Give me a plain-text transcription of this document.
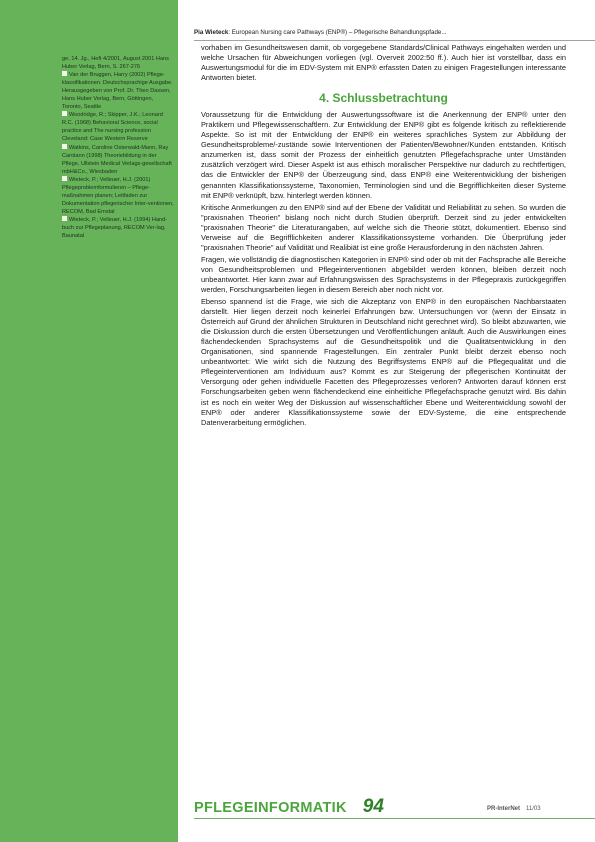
Pia Wieteck: European Nursing care Pathways (ENP®) – Pflegerische Behandlungspfade...
ge, 14. Jg., Heft 4/2001, August 2001 Hans Huber Verlag, Bern, S. 267-276
Van der Bruggen, Harry (2002) Pflege-klassifikationen. Deutschsprachige Ausgabe. Herausgegeben von Prof. Dr. Theo Dassen, Hans Huber Verlag, Bern, Göttingen, Toronto, Seattle
Woodridge, R.; Skipper, J.K.; Leonard R.C. (1968) Behavioral Science, social practice and The nursing profession Cleveland: Case Western Reserve
Watkins, Caroline Osterwald-Mann, Ray Carolann (1998) Theoriebildung in der Pflege, Ullstein Medical Verlags-gesellschaft mbH&Co., Wiesbaden
Wieteck, P.; Velleuer, H.J. (2001) Pflegeproblemformulieren – Pflege-maßnahmen planen; Leitfaden zur Dokumentation pflegerischer Inter-ventionen, RECOM, Bad Emstal
Wieteck, P.; Velleuer, H.J. (1994) Hand-buch zur Pflegeplanung, RECOM Ver-lag, Baunatal

vorhaben im Gesundheitswesen damit, ob vorgegebene Standards/Clinical Pathways eingehalten werden und welche Ursachen für Abweichungen vorliegen (vgl. Overveit 2002:50 ff.). Auch hier ist vorstellbar, dass ein Auswertungsmodul für die im EDV-System mit ENP® erfassten Daten zu einigen Fragestellungen interessante Antworten bietet.

4. Schlussbetrachtung

Voraussetzung für die Entwicklung der Auswertungssoftware ist die Anerkennung der ENP® unter den Praktikern und Pflegewissenschaftlern. Zur Entwicklung der ENP® gibt es folgende kritisch zu reflektierende Aspekte. So ist mit der Entwicklung der ENP® ein weiteres sprachliches System zur Abbildung der Gesundheitsprobleme/-zustände sowie Interventionen der Patienten/Bewohner/Kunden entstanden. Kritisch anzumerken ist, dass somit der Prozess der einheitlich genutzten Pflegefachsprache unter Umständen zusätzlich verzögert wird. Dieser Aspekt ist aus ethisch moralischer Perspektive nur dadurch zu rechtfertigen, das die Entwickler der ENP® der Überzeugung sind, dass ENP® eine Weiterentwicklung der bisherigen genannten Klassifikationssysteme, Taxonomien, Terminologien sind und die Begrifflichkeiten dieser Systeme mit ENP® verknüpft, bzw. hinterlegt werden können.

Kritische Anmerkungen zu den ENP® sind auf der Ebene der Validität und Reliabilität zu sehen. So wurden die "praxisnahen Theorien" bislang noch nicht durch Studien überprüft. Derzeit sind zu jeder entwickelten "praxisnahen Theorie" die Literaturangaben, auf welche sich die Theorie stützt, dokumentiert. Ebenso sind Verweise auf die Begrifflichkeiten anderer Klassifikationssysteme vorhanden. Die Überprüfung jeder "praxisnahen Theorie" auf Validität und Realibiät ist eine große Herausforderung in den nächsten Jahren.

Fragen, wie vollständig die diagnostischen Kategorien in ENP® sind oder ob mit der Fachsprache alle Bereiche von Gesundheitsproblemen und Pflegeinterventionen abgebildet werden können, bleiben derzeit noch unbeantwortet. Hier kann zwar auf Erfahrungswissen des Sprachsystems in der Pflegepraxis zurückgegriffen werden, Forschungsarbeiten liegen in diesem Bereich aber noch nicht vor.

Ebenso spannend ist die Frage, wie sich die Akzeptanz von ENP® in den europäischen Nachbarstaaten darstellt. Hier liegen derzeit noch keinerlei Erfahrungen bzw. Untersuchungen vor (wenn der Einsatz in Österreich auf Grund der ähnlichen Strukturen in Deutschland nicht gerechnet wird). So bleibt abzuwarten, wie die Diskussion durch die ersten Übersetzungen und Veröffentlichungen anläuft. Auch die Auswirkungen eines flächendeckenden Sprachsystems auf die Gesundheitspolitik und die Qualitätsentwicklung in den Organisationen, sind spannende Fragestellungen. Ein zentraler Punkt bleibt derzeit ebenso noch unbeantwortet: Wie wirkt sich die Nutzung des Begriffsystems ENP® auf die Pflegequalität und die Pflegeinterventionen am Individuum aus? Kommt es zur Steigerung der pflegerischen Kontinuität der Versorgung oder gehen individuelle Facetten des Pflegeprozesses verloren? Antworten darauf können erst Forschungsarbeiten geben wenn flächendeckend eine einheitliche Pflegefachsprache genutzt wird. Bis dahin ist es noch ein weiter Weg der Diskussion auf wissenschaftlicher Ebene und Weiterentwicklung sowohl der ENP® oder anderer Klassifikationssysteme sowie der EDV-Systeme, die eine entsprechende Datenverarbeitung ermöglichen.

PFLEGEINFORMATIK 94	PR-InterNet 11/03
